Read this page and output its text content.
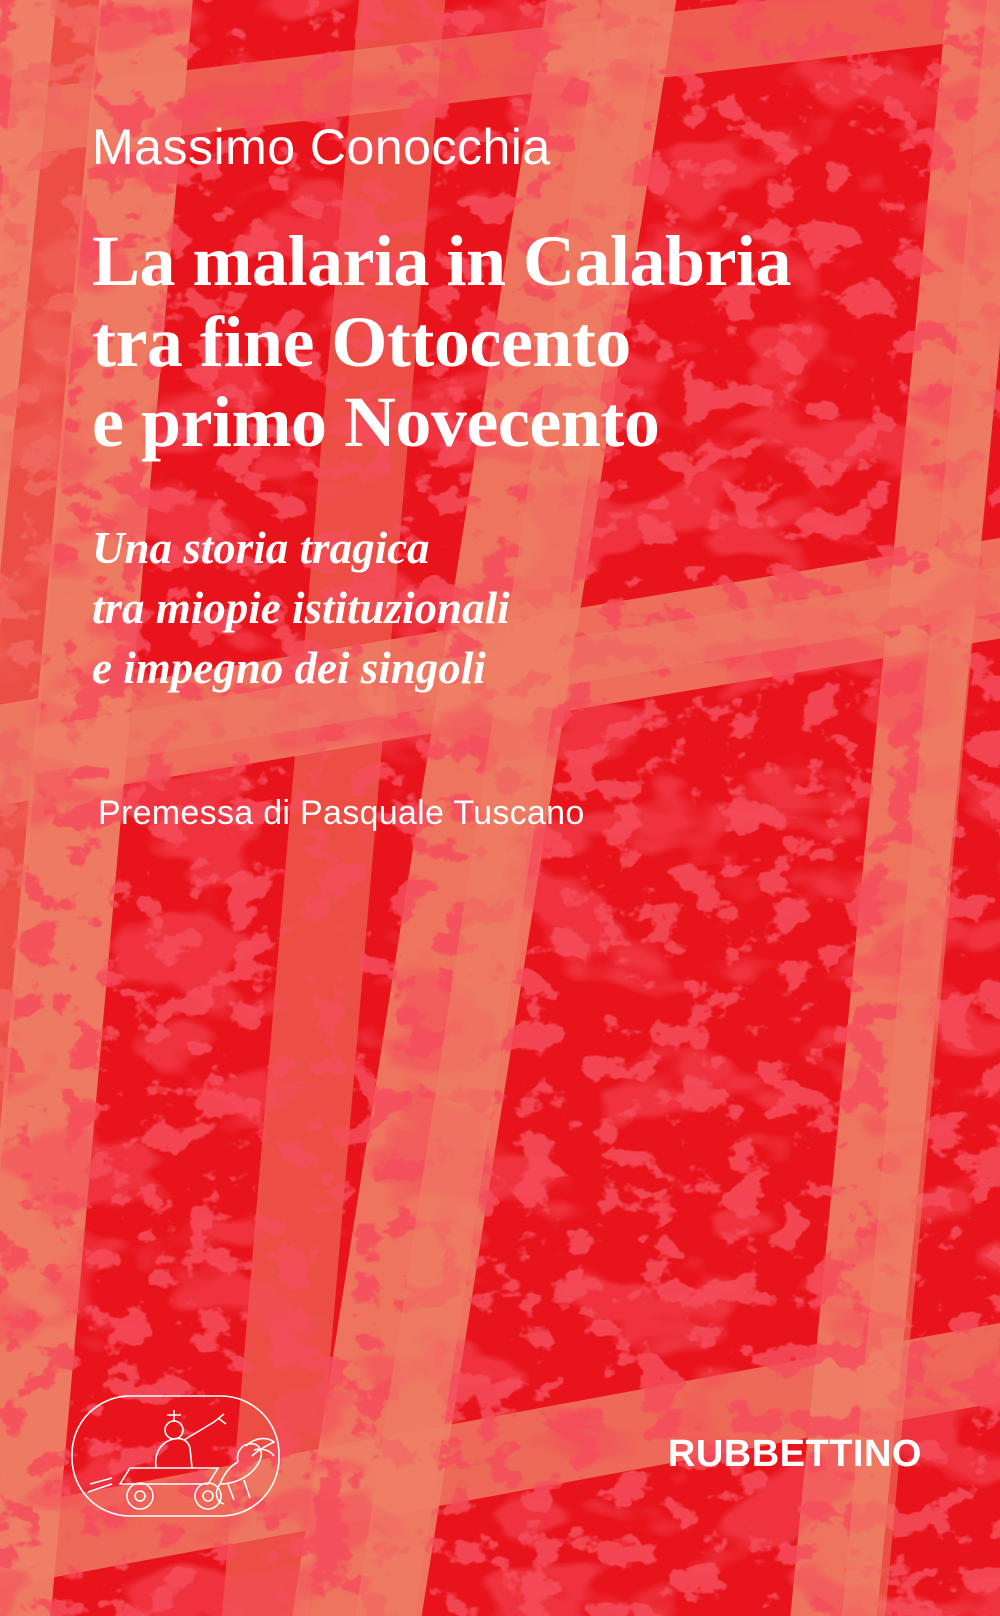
Massimo Conocchia
La malaria in Calabria
tra fine Ottocento
e primo Novecento
Una storia tragica
tra miopie istituzionali
e impegno dei singoli
Premessa di Pasquale Tuscano
RUBBETTINO
